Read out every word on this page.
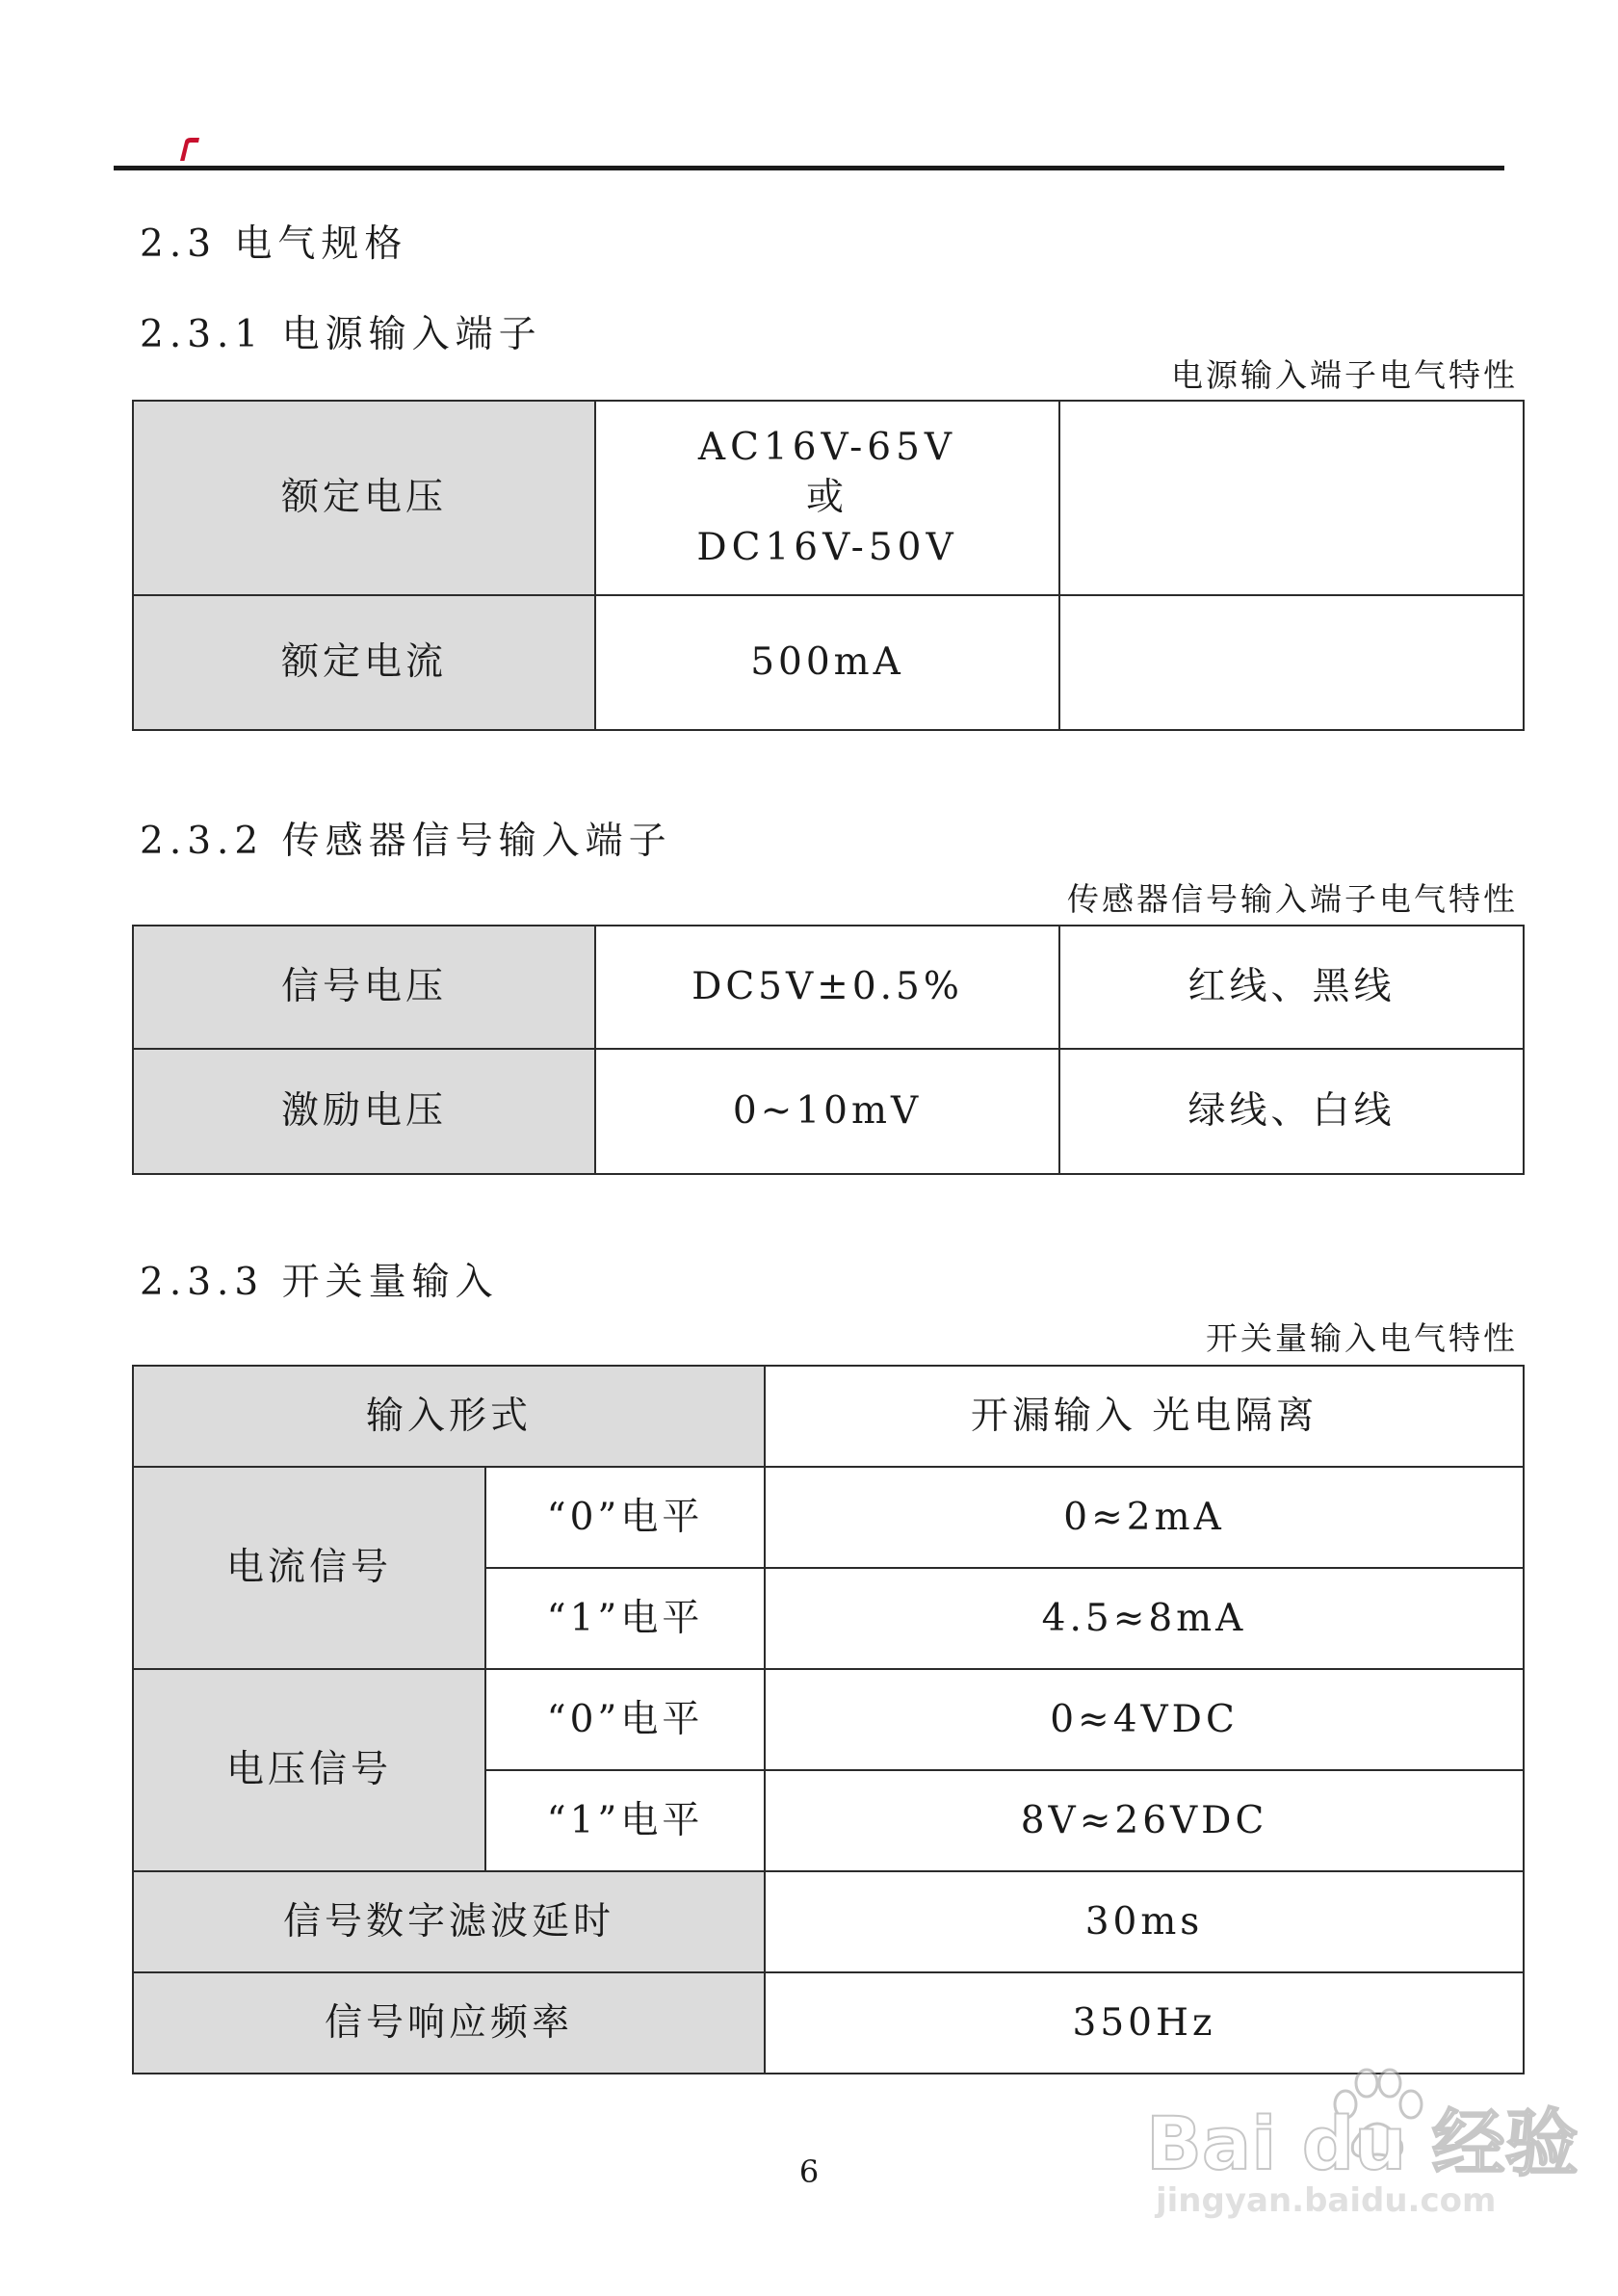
2.3 电气规格
2.3.1 电源输入端子
电源输入端子电气特性
额定电压	AC16V-65V
或
DC16V-50V	

额定电流	500mA	
2.3.2 传感器信号输入端子
传感器信号输入端子电气特性
信号电压	DC5V±0.5%	红线、黑线
激励电压	0~10mV	绿线、白线
2.3.3 开关量输入
开关量输入电气特性
输入形式		开漏输入 光电隔离
电流信号	“0”电平	0≈2mA
	“1”电平	4.5≈8mA
电压信号	“0”电平	0≈4VDC
	“1”电平	8V≈26VDC
信号数字滤波延时		30ms
信号响应频率		350Hz
6	Bai du 经验
jingyan.baidu.com
